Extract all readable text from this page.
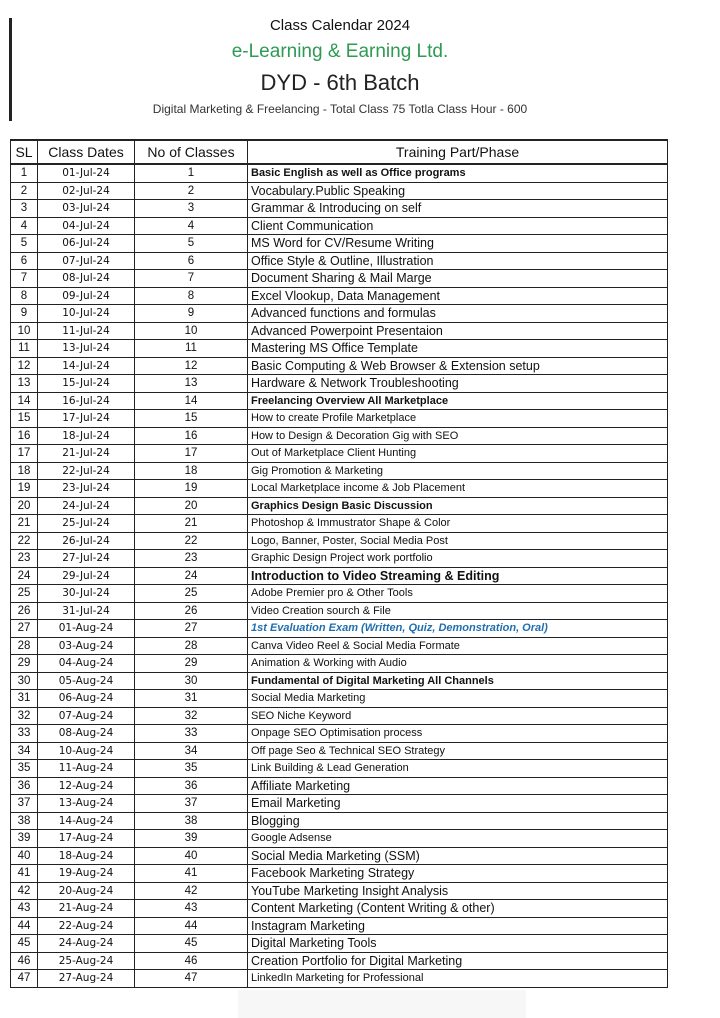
Class Calendar 2024
e-Learning & Earning Ltd.
DYD - 6th Batch
Digital Marketing & Freelancing - Total Class 75 Totla Class Hour - 600
SL	Class Dates	No of Classes	Training Part/Phase
1	01-Jul-24	1	Basic English as well as Office programs
2	02-Jul-24	2	Vocabulary.Public Speaking
3	03-Jul-24	3	Grammar & Introducing on self
4	04-Jul-24	4	Client Communication
5	06-Jul-24	5	MS Word for CV/Resume Writing
6	07-Jul-24	6	Office Style & Outline, Illustration
7	08-Jul-24	7	Document Sharing & Mail Marge
8	09-Jul-24	8	Excel Vlookup, Data Management
9	10-Jul-24	9	Advanced functions and formulas
10	11-Jul-24	10	Advanced Powerpoint Presentaion
11	13-Jul-24	11	Mastering MS Office Template
12	14-Jul-24	12	Basic Computing & Web Browser & Extension setup
13	15-Jul-24	13	Hardware & Network Troubleshooting
14	16-Jul-24	14	Freelancing Overview All Marketplace
15	17-Jul-24	15	How to create Profile Marketplace
16	18-Jul-24	16	How to Design & Decoration Gig with SEO
17	21-Jul-24	17	Out of Marketplace Client Hunting
18	22-Jul-24	18	Gig Promotion & Marketing
19	23-Jul-24	19	Local Marketplace income & Job Placement
20	24-Jul-24	20	Graphics Design Basic Discussion
21	25-Jul-24	21	Photoshop & Immustrator Shape & Color
22	26-Jul-24	22	Logo, Banner, Poster, Social Media Post
23	27-Jul-24	23	Graphic Design Project work portfolio
24	29-Jul-24	24	Introduction to Video Streaming & Editing
25	30-Jul-24	25	Adobe Premier pro & Other Tools
26	31-Jul-24	26	Video Creation sourch & File
27	01-Aug-24	27	1st Evaluation Exam (Written, Quiz, Demonstration, Oral)
28	03-Aug-24	28	Canva Video Reel & Social Media Formate
29	04-Aug-24	29	Animation & Working with Audio
30	05-Aug-24	30	Fundamental of Digital Marketing All Channels
31	06-Aug-24	31	Social Media Marketing
32	07-Aug-24	32	SEO Niche Keyword
33	08-Aug-24	33	Onpage SEO Optimisation process
34	10-Aug-24	34	Off page Seo & Technical SEO Strategy
35	11-Aug-24	35	Link Building & Lead Generation
36	12-Aug-24	36	Affiliate Marketing
37	13-Aug-24	37	Email Marketing
38	14-Aug-24	38	Blogging
39	17-Aug-24	39	Google Adsense
40	18-Aug-24	40	Social Media Marketing (SSM)
41	19-Aug-24	41	Facebook Marketing Strategy
42	20-Aug-24	42	YouTube Marketing Insight Analysis
43	21-Aug-24	43	Content Marketing (Content Writing & other)
44	22-Aug-24	44	Instagram Marketing
45	24-Aug-24	45	Digital Marketing Tools
46	25-Aug-24	46	Creation Portfolio for Digital Marketing
47	27-Aug-24	47	LinkedIn Marketing for Professional
